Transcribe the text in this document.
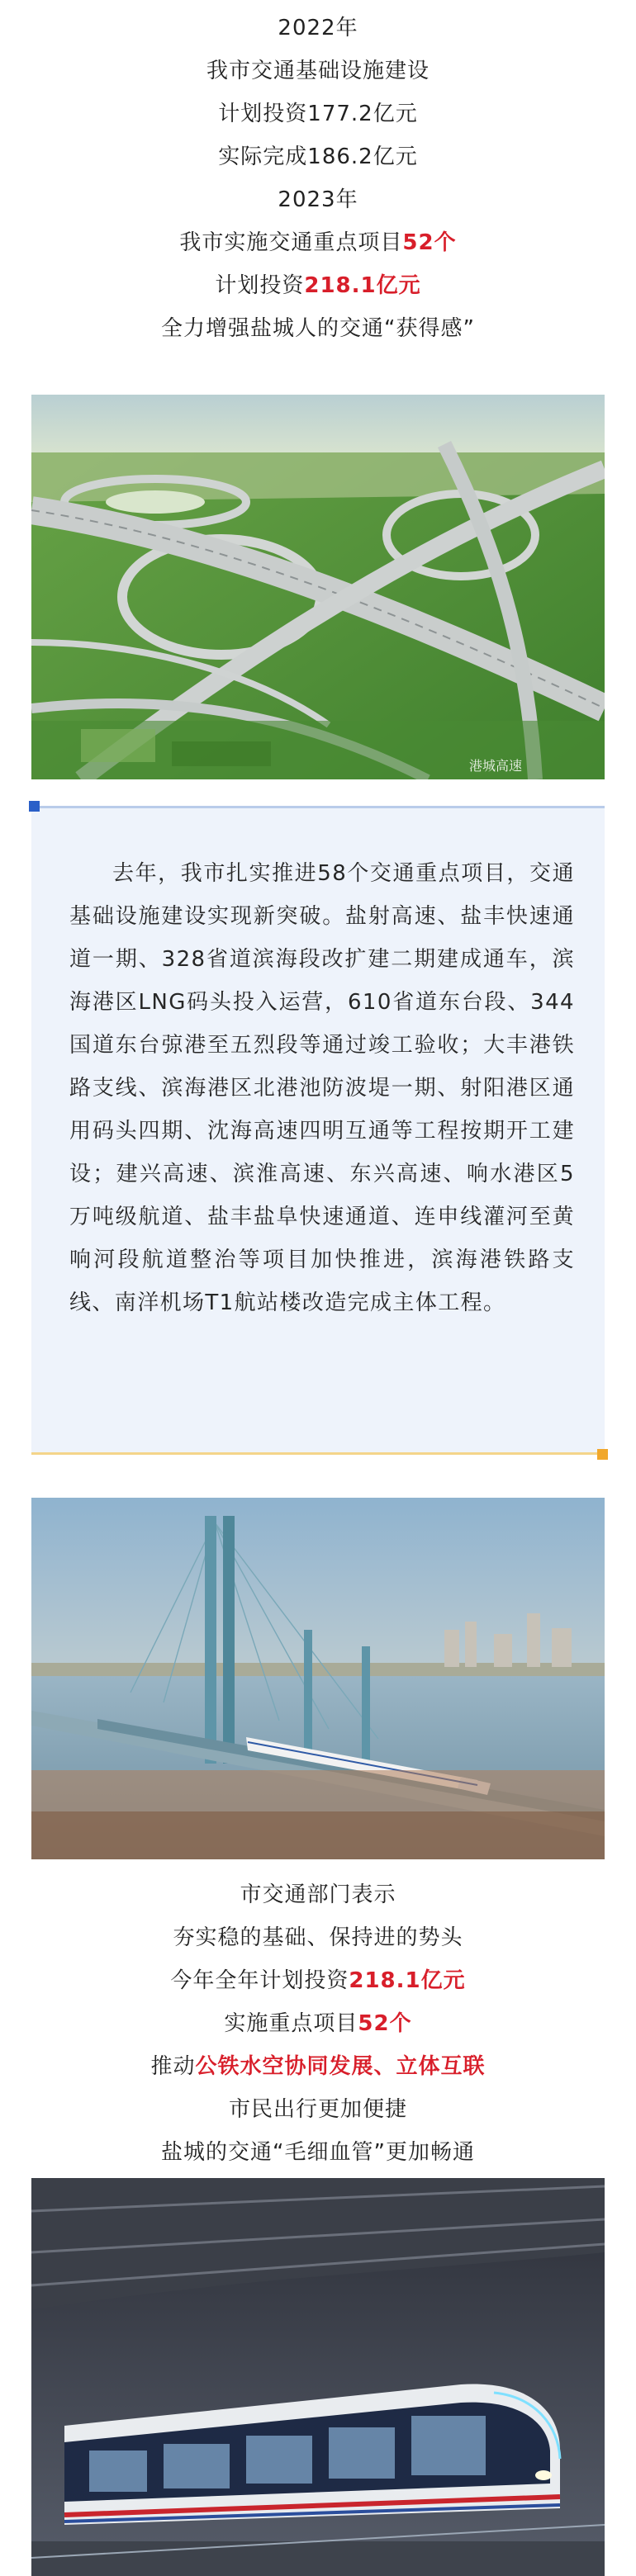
2022年
我市交通基础设施建设
计划投资177.2亿元
实际完成186.2亿元
2023年
我市实施交通重点项目52个
计划投资218.1亿元
全力增强盐城人的交通“获得感”
港城高速

去年，我市扎实推进58个交通重点项目，交通基础设施建设实现新突破。盐射高速、盐丰快速通道一期、328省道滨海段改扩建二期建成通车，滨海港区LNG码头投入运营，610省道东台段、344国道东台弶港至五烈段等通过竣工验收；大丰港铁路支线、滨海港区北港池防波堤一期、射阳港区通用码头四期、沈海高速四明互通等工程按期开工建设；建兴高速、滨淮高速、东兴高速、响水港区5万吨级航道、盐丰盐阜快速通道、连申线灌河至黄响河段航道整治等项目加快推进，滨海港铁路支线、南洋机场T1航站楼改造完成主体工程。

市交通部门表示
夯实稳的基础、保持进的势头
今年全年计划投资218.1亿元
实施重点项目52个
推动公铁水空协同发展、立体互联
市民出行更加便捷
盐城的交通“毛细血管”更加畅通
